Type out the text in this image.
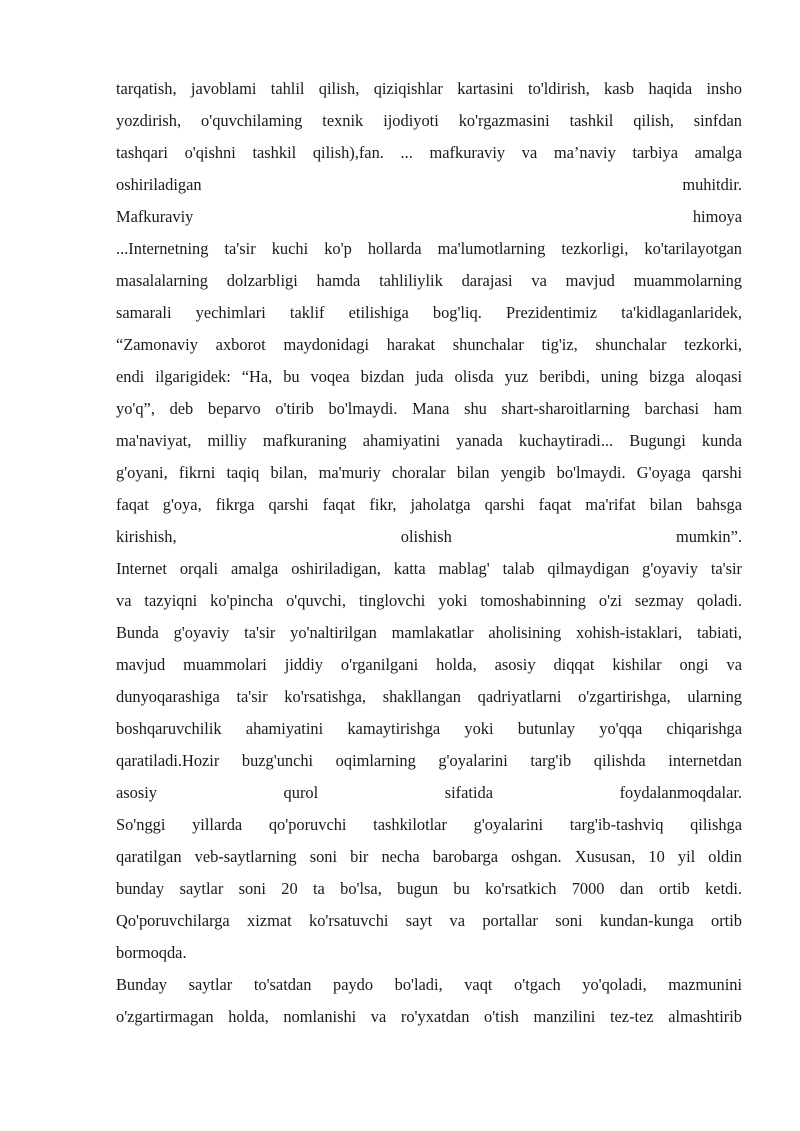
tarqatish, javoblami tahlil qilish, qiziqishlar kartasini to'ldirish, kasb haqida insho
yozdirish, o'quvchilaming texnik ijodiyoti ko'rgazmasini tashkil qilish, sinfdan
tashqari o'qishni tashkil qilish),fan. ... mafkuraviy va ma’naviy tarbiya amalga
oshiriladigan muhitdir.
Mafkuraviy himoya
...Internetning ta'sir kuchi ko'p hollarda ma'lumotlarning tezkorligi, ko'tarilayotgan
masalalarning dolzarbligi hamda tahliliylik darajasi va mavjud muammolarning
samarali yechimlari taklif etilishiga bog'liq. Prezidentimiz ta'kidlaganlaridek,
“Zamonaviy axborot maydonidagi harakat shunchalar tig'iz, shunchalar tezkorki,
endi ilgarigidek: “Ha, bu voqea bizdan juda olisda yuz beribdi, uning bizga aloqasi
yo'q”, deb beparvo o'tirib bo'lmaydi. Mana shu shart-sharoitlarning barchasi ham
ma'naviyat, milliy mafkuraning ahamiyatini yanada kuchaytiradi... Bugungi kunda
g'oyani, fikrni taqiq bilan, ma'muriy choralar bilan yengib bo'lmaydi. G'oyaga qarshi
faqat g'oya, fikrga qarshi faqat fikr, jaholatga qarshi faqat ma'rifat bilan bahsga
kirishish, olishish mumkin”.
Internet orqali amalga oshiriladigan, katta mablag' talab qilmaydigan g'oyaviy ta'sir
va tazyiqni ko'pincha o'quvchi, tinglovchi yoki tomoshabinning o'zi sezmay qoladi.
Bunda g'oyaviy ta'sir yo'naltirilgan mamlakatlar aholisining xohish-istaklari, tabiati,
mavjud muammolari jiddiy o'rganilgani holda, asosiy diqqat kishilar ongi va
dunyoqarashiga ta'sir ko'rsatishga, shakllangan qadriyatlarni o'zgartirishga, ularning
boshqaruvchilik ahamiyatini kamaytirishga yoki butunlay yo'qqa chiqarishga
qaratiladi.Hozir buzg'unchi oqimlarning g'oyalarini targ'ib qilishda internetdan
asosiy qurol sifatida foydalanmoqdalar.
So'nggi yillarda qo'poruvchi tashkilotlar g'oyalarini targ'ib-tashviq qilishga
qaratilgan veb-saytlarning soni bir necha barobarga oshgan. Xususan, 10 yil oldin
bunday saytlar soni 20 ta bo'lsa, bugun bu ko'rsatkich 7000 dan ortib ketdi.
Qo'poruvchilarga xizmat ko'rsatuvchi sayt va portallar soni kundan-kunga ortib
bormoqda.
Bunday saytlar to'satdan paydo bo'ladi, vaqt o'tgach yo'qoladi, mazmunini
o'zgartirmagan holda, nomlanishi va ro'yxatdan o'tish manzilini tez-tez almashtirib
